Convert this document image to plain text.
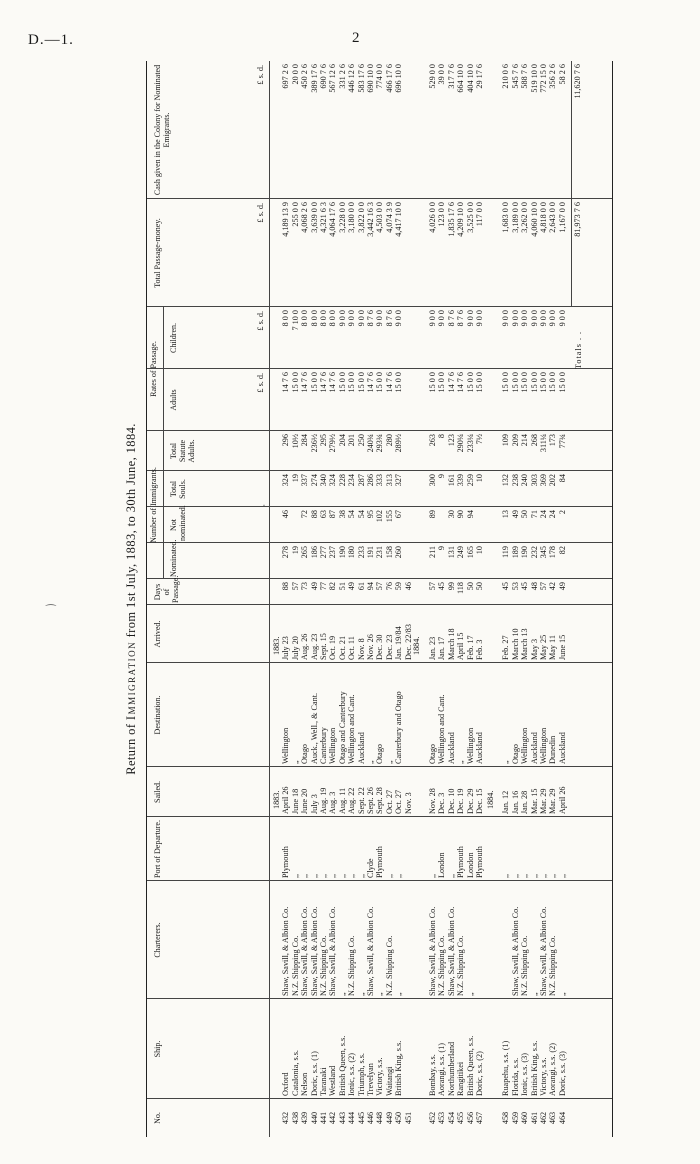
D.—1.	2
⁔
·
Return of Immigration from 1st July, 1883, to 30th June, 1884. Number of Immigrants.
Rates of Passage.
No.
Ship.
Charterers.
Port of Departure.
Sailed.
Destination.
Arrived.
Days of Passage.
Nominated.
Not nominated.
Total Souls.
Total Statute Adults.
Adults
Children.
Total Passage-money.
Cash given in the Colony for Nominated Emigrants.
£ s. d.
£ s. d.
£ s. d.
£ s. d.
1883.
1883.
432
Oxford
Shaw, Savill, & Albion Co.
Plymouth
April 26
Wellington
July 23
88
278
46
324
296
14 7 6
8 0 0
4,189 13 9
697 2 6
438
Catalonia, s.s.
N.Z. Shipping Co.
,,
June 18
„
July 20
57
19
19
10½
15 0 0
7 10 0
255 0 0
20 0 0
439
Nelson
Shaw, Savill, & Albion Co.
,,
June 20
Otago
Aug. 26
73
265
72
337
284
14 7 6
8 0 0
4,068 2 6
450 2 6
440
Doric, s.s. (1)
Shaw, Savill, & Albion Co.
,,
July 3
Auck., Well., & Cant.
Aug. 23
49
186
88
274
236½
15 0 0
8 0 0
3,639 0 0
389 17 6
441
Taranaki
N.Z. Shipping Co.
,,
Aug. 19
Canterbury
Sept. 15
77
277
63
340
295
14 7 6
8 0 0
4,321 6 3
690 7 6
442
Westland
Shaw, Savill, & Albion Co.
,,
Aug. 3
Wellington
Oct. 19
82
237
87
324
279½
14 7 6
8 0 0
4,064 17 6
567 12 6
443
British Queen, s.s.
„
,,
Aug. 11
Otago and Canterbury
Oct. 21
51
190
38
228
204
15 0 0
9 0 0
3,228 0 0
331 2 6
444
Ionic, s.s. (2)
N.Z. Shipping Co.
,,
Aug. 22
Wellington and Cant.
Oct. 11
49
180
54
234
201
15 0 0
9 0 0
3,180 0 0
446 12 6
445
Triumph, s.s.
„
,,
Sept. 22
Auckland
Nov. 8
61
233
54
287
250
15 0 0
9 0 0
3,822 0 0
583 17 6
446
Trevelyan
Shaw, Savill, & Albion Co.
Clyde
Sept. 26
„
Nov. 26
94
191
95
286
240¾
14 7 6
8 7 6
3,442 16 3
690 10 0
448
Victory, s.s.
„
Plymouth
Sept. 28
Otago
Dec. 30
57
231
102
333
293¾
15 0 0
9 0 0
4,503 0 0
774 0 0
449
Waitangi
N.Z. Shipping Co.
,,
Oct. 27
„
Dec. 23
76
158
155
313
280
14 7 6
8 7 6
4,074 3 9
466 17 6
450
British King, s.s.
„
,,
Oct. 27
Canterbury and Otago
Jan. 19/84
59
260
67
327
289½
15 0 0
9 0 0
4,417 10 0
696 10 0
451
Nov. 3
Dec. 22/83
46
1884.
452
Bombay, s.s.
Shaw, Savill, & Albion Co.
,,
Nov. 28
Otago
Jan. 23
57
211
89
300
263
15 0 0
9 0 0
4,026 0 0
529 0 0
453
Aorangi, s.s. (1)
N.Z. Shipping Co.
London
Dec. 3
Wellington and Cant.
Jan. 17
45
9
9
8
15 0 0
9 0 0
123 0 0
39 0 0
454
Northumberland
Shaw, Savill, & Albion Co.
,,
Dec. 10
Auckland
March 18
99
131
30
161
123
14 7 6
8 7 6
1,835 17 6
317 7 6
455
Rangitikei
N.Z. Shipping Co.
Plymouth
Dec. 19
„
April 15
118
249
90
339
290¼
14 7 6
8 7 6
4,209 10 0
664 10 0
456
British Queen, s.s.
„
London
Dec. 29
Wellington
Feb. 17
50
165
94
259
233¼
15 0 0
9 0 0
3,525 0 0
404 10 0
457
Doric, s.s. (2)
Plymouth
Dec. 15
Auckland
Feb. 3
50
10
10
7½
15 0 0
9 0 0
117 0 0
29 17 6
1884.
458
Ruapehu, s.s. (1)
,,
Jan. 12
„
Feb. 27
45
119
13
132
109
15 0 0
9 0 0
1,683 0 0
210 0 6
459
Florida, s.s.
Shaw, Savill, & Albion Co.
,,
Jan. 16
Otago
March 10
53
189
49
238
209
15 0 0
9 0 0
3,189 0 0
545 7 6
460
Ionic, s.s. (3)
N.Z. Shipping Co.
,,
Jan. 28
Wellington
March 13
45
190
50
240
214
15 0 0
9 0 0
3,262 0 0
588 7 6
461
British King, s.s.
„
,,
Mar. 15
Auckland
May 3
48
232
71
303
268
15 0 0
9 0 0
4,060 10 0
519 10 0
462
Victory, s.s.
Shaw, Savill, & Albion Co.
,,
Mar. 29
Wellington
May 25
57
345
24
369
311¼
15 0 0
9 0 0
4,818 0 0
772 15 0
463
Aorangi, s.s. (2)
N.Z. Shipping Co.
,,
Mar. 29
Dunedin
May 11
42
178
24
202
173
15 0 0
9 0 0
2,643 0 0
356 2 6
464
Doric, s.s. (3)
„
,,
April 26
Auckland
June 15
49
82
2
84
77¾
15 0 0
9 0 0
1,167 0 0
58 2 6
Totals . .
81,973 7 6
11,620 7 6
